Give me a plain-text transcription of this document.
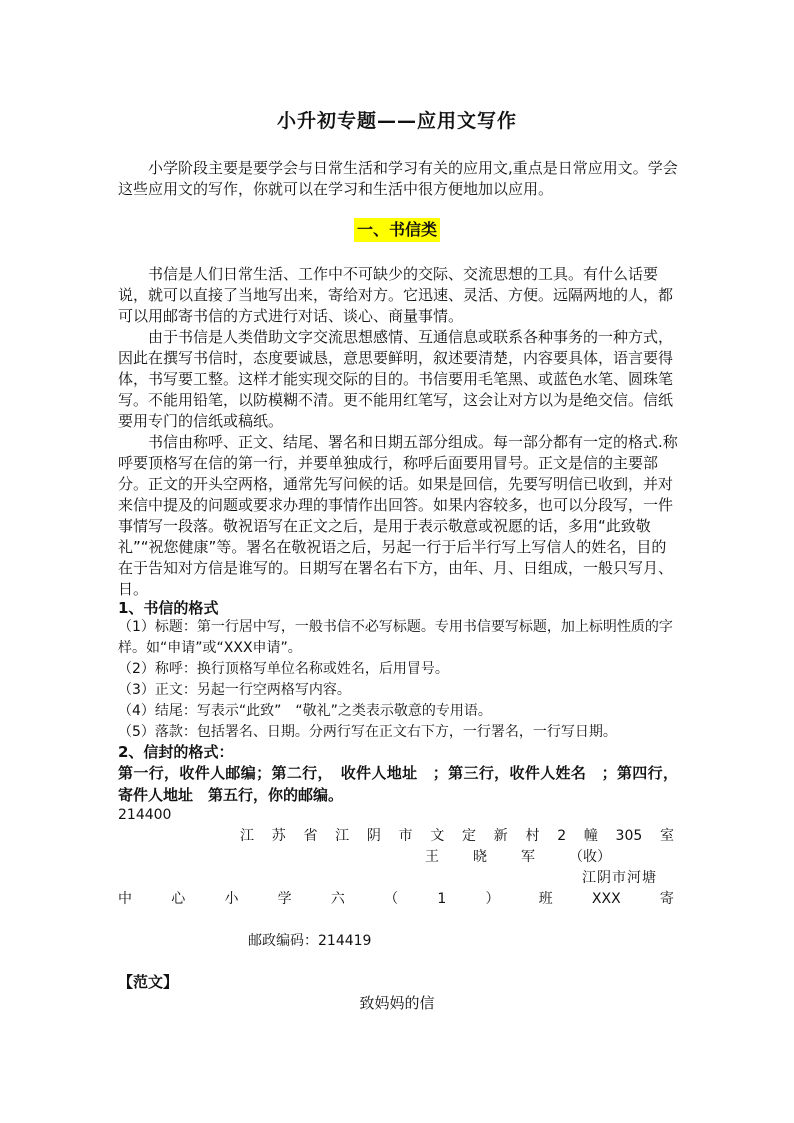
小升初专题——应用文写作

小学阶段主要是要学会与日常生活和学习有关的应用文,重点是日常应用文。学会这些应用文的写作，你就可以在学习和生活中很方便地加以应用。

一、书信类

书信是人们日常生活、工作中不可缺少的交际、交流思想的工具。有什么话要说，就可以直接了当地写出来，寄给对方。它迅速、灵活、方便。远隔两地的人，都可以用邮寄书信的方式进行对话、谈心、商量事情。

由于书信是人类借助文字交流思想感情、互通信息或联系各种事务的一种方式，因此在撰写书信时，态度要诚恳，意思要鲜明，叙述要清楚，内容要具体，语言要得体，书写要工整。这样才能实现交际的目的。书信要用毛笔黑、或蓝色水笔、圆珠笔写。不能用铅笔，以防模糊不清。更不能用红笔写，这会让对方以为是绝交信。信纸要用专门的信纸或稿纸。

书信由称呼、正文、结尾、署名和日期五部分组成。每一部分都有一定的格式.称呼要顶格写在信的第一行，并要单独成行，称呼后面要用冒号。正文是信的主要部分。正文的开头空两格，通常先写问候的话。如果是回信，先要写明信已收到，并对来信中提及的问题或要求办理的事情作出回答。如果内容较多，也可以分段写，一件事情写一段落。敬祝语写在正文之后，是用于表示敬意或祝愿的话，多用“此致敬礼”“祝您健康”等。署名在敬祝语之后，另起一行于后半行写上写信人的姓名，目的在于告知对方信是谁写的。日期写在署名右下方，由年、月、日组成，一般只写月、日。

1、书信的格式
（1）标题：第一行居中写，一般书信不必写标题。专用书信要写标题，加上标明性质的字样。如“申请”或“XXX申请”。
（2）称呼：换行顶格写单位名称或姓名，后用冒号。
（3）正文：另起一行空两格写内容。
（4）结尾：写表示“此致”　“敬礼”之类表示敬意的专用语。
（5）落款：包括署名、日期。分两行写在正文右下方，一行署名，一行写日期。
2、信封的格式：
第一行，收件人邮编；第二行，　收件人地址　；第三行，收件人姓名　；第四行，寄件人地址　第五行，你的邮编。
214400
江 苏 省 江 阴 市 文 定 新 村 2 幢 305 室
王 晓 军 （收）
江阴市河塘
中	心	小	学	六	（	1	）	班	XXX	寄
邮政编码：214419
【范文】
致妈妈的信
